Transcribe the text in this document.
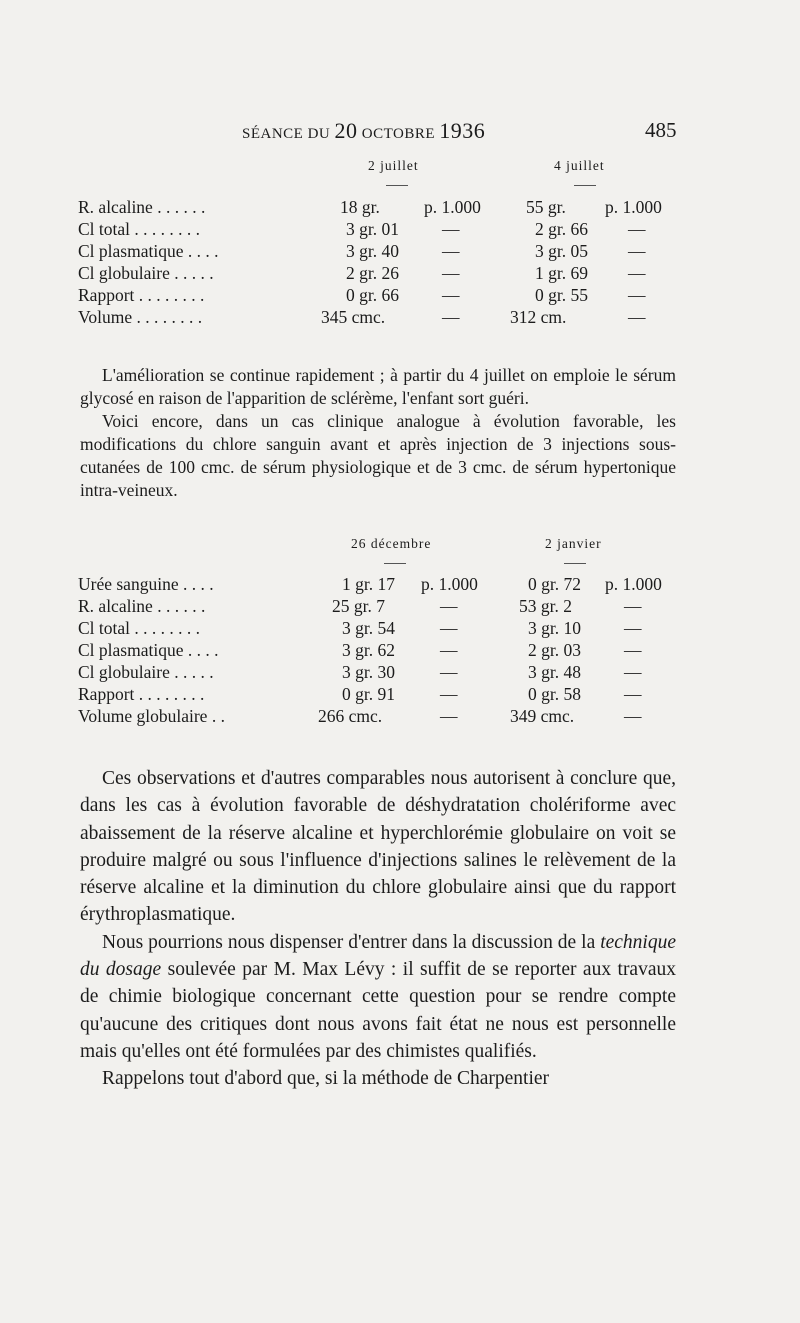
SÉANCE DU 20 OCTOBRE 1936	485
2 juillet	4 juillet
R. alcaline . . . . . .	18 gr.	p. 1.000	55 gr. p. 1.000
Cl total . . . . . . . .	3 gr. 01 —	2 gr. 66 —
Cl plasmatique . . . .	3 gr. 40 —	3 gr. 05 —
Cl globulaire . . . . .	2 gr. 26 —	1 gr. 69 —
Rapport . . . . . . . .	0 gr. 66 —	0 gr. 55 —
Volume . . . . . . . .	345 cmc.	—	312 cm.	—

L'amélioration se continue rapidement ; à partir du 4 juillet on emploie le sérum glycosé en raison de l'apparition de sclérème, l'enfant sort guéri.

Voici encore, dans un cas clinique analogue à évolution favorable, les modifications du chlore sanguin avant et après injection de 3 injections sous-cutanées de 100 cmc. de sérum physiologique et de 3 cmc. de sérum hypertonique intra-veineux.

26 décembre	2 janvier
Urée sanguine . . . .	1 gr. 17 p. 1.000	0 gr. 72 p. 1.000
R. alcaline . . . . . .	25 gr. 7	—	53 gr. 2	—
Cl total . . . . . . . .	3 gr. 54	—	3 gr. 10 —
Cl plasmatique . . . .	3 gr. 62	—	2 gr. 03 —
Cl globulaire . . . . .	3 gr. 30	—	3 gr. 48 —
Rapport . . . . . . . .	0 gr. 91	—	0 gr. 58 —
Volume globulaire . .	266 cmc.	—	349 cmc.	—

Ces observations et d'autres comparables nous autorisent à conclure que, dans les cas à évolution favorable de déshydratation cholériforme avec abaissement de la réserve alcaline et hyperchlorémie globulaire on voit se produire malgré ou sous l'influence d'injections salines le relèvement de la réserve alcaline et la diminution du chlore globulaire ainsi que du rapport érythroplasmatique.

Nous pourrions nous dispenser d'entrer dans la discussion de la technique du dosage soulevée par M. Max Lévy : il suffit de se reporter aux travaux de chimie biologique concernant cette question pour se rendre compte qu'aucune des critiques dont nous avons fait état ne nous est personnelle mais qu'elles ont été formulées par des chimistes qualifiés.

Rappelons tout d'abord que, si la méthode de Charpentier
